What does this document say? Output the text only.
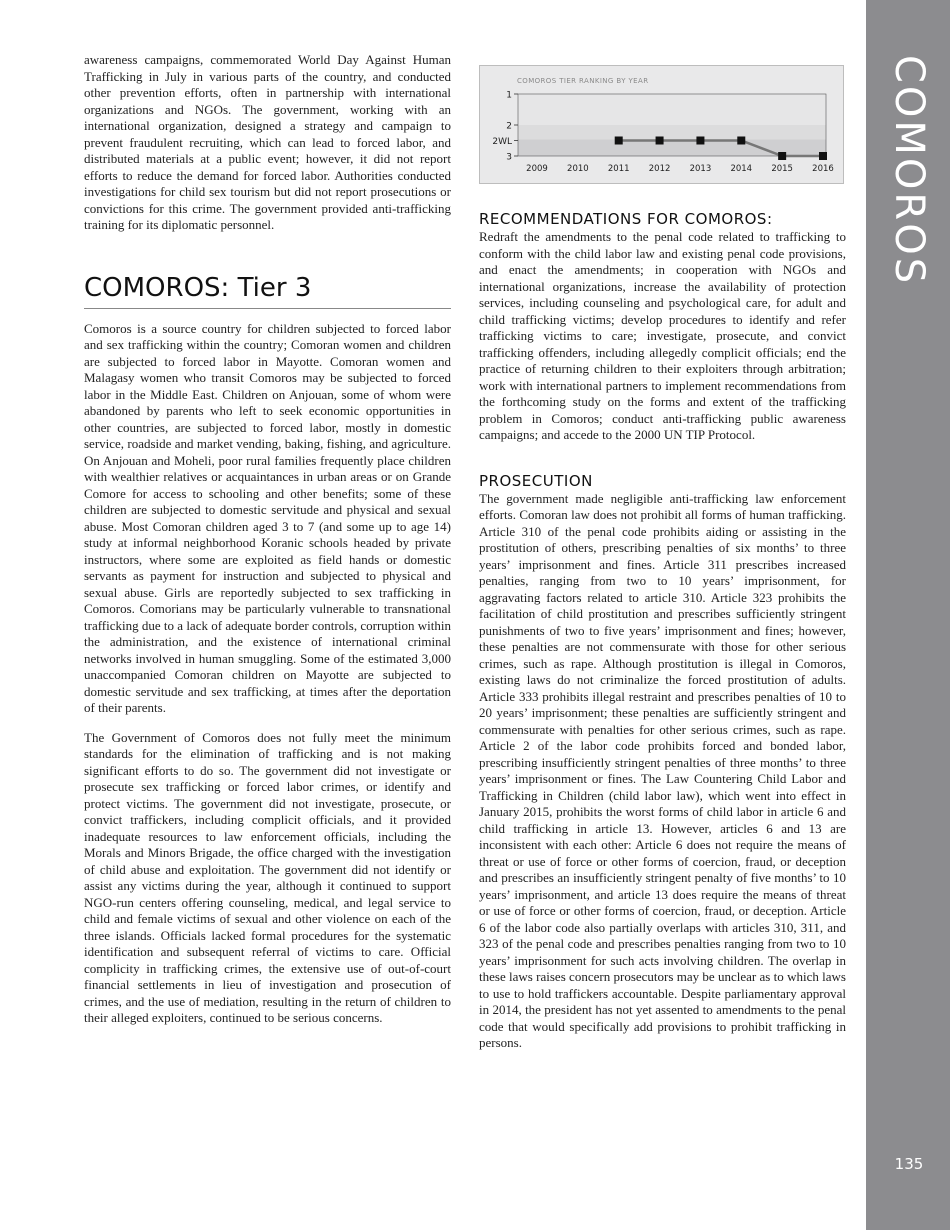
COMOROS
135

awareness campaigns, commemorated World Day Against Human Trafficking in July in various parts of the country, and conducted other prevention efforts, often in partnership with international organizations and NGOs. The government, working with an international organization, designed a strategy and campaign to prevent fraudulent recruiting, which can lead to forced labor, and distributed materials at a public event; however, it did not report efforts to reduce the demand for forced labor. Authorities conducted investigations for child sex tourism but did not report prosecutions or convictions for this crime. The government provided anti-trafficking training for its diplomatic personnel.

COMOROS: Tier 3

Comoros is a source country for children subjected to forced labor and sex trafficking within the country; Comoran women and children are subjected to forced labor in Mayotte. Comoran women and Malagasy women who transit Comoros may be subjected to forced labor in the Middle East. Children on Anjouan, some of whom were abandoned by parents who left to seek economic opportunities in other countries, are subjected to forced labor, mostly in domestic service, roadside and market vending, baking, fishing, and agriculture. On Anjouan and Moheli, poor rural families frequently place children with wealthier relatives or acquaintances in urban areas or on Grande Comore for access to schooling and other benefits; some of these children are subjected to domestic servitude and physical and sexual abuse. Most Comoran children aged 3 to 7 (and some up to age 14) study at informal neighborhood Koranic schools headed by private instructors, where some are exploited as field hands or domestic servants as payment for instruction and subjected to physical and sexual abuse. Girls are reportedly subjected to sex trafficking in Comoros. Comorians may be particularly vulnerable to transnational trafficking due to a lack of adequate border controls, corruption within the administration, and the existence of international criminal networks involved in human smuggling. Some of the estimated 3,000 unaccompanied Comoran children on Mayotte are subjected to domestic servitude and sex trafficking, at times after the deportation of their parents.

The Government of Comoros does not fully meet the minimum standards for the elimination of trafficking and is not making significant efforts to do so. The government did not investigate or prosecute sex trafficking or forced labor crimes, or identify and protect victims. The government did not investigate, prosecute, or convict traffickers, including complicit officials, and it provided inadequate resources to law enforcement officials, including the Morals and Minors Brigade, the office charged with the investigation of child abuse and exploitation. The government did not identify or assist any victims during the year, although it continued to support NGO-run centers offering counseling, medical, and legal service to child and female victims of sexual and other violence on each of the three islands. Officials lacked formal procedures for the systematic identification and subsequent referral of victims to care. Official complicity in trafficking crimes, the extensive use of out-of-court financial settlements in lieu of investigation and prosecution of crimes, and the use of mediation, resulting in the return of children to their alleged exploiters, continued to be serious concerns.

COMOROS TIER RANKING BY YEAR
1
2
2WL
3
2009 2010 2011 2012 2013 2014 2015 2016
RECOMMENDATIONS FOR COMOROS:

Redraft the amendments to the penal code related to trafficking to conform with the child labor law and existing penal code provisions, and enact the amendments; in cooperation with NGOs and international organizations, increase the availability of protection services, including counseling and psychological care, for adult and child trafficking victims; develop procedures to identify and refer trafficking victims to care; investigate, prosecute, and convict trafficking offenders, including allegedly complicit officials; end the practice of returning children to their exploiters through arbitration; work with international partners to implement recommendations from the forthcoming study on the forms and extent of the trafficking problem in Comoros; conduct anti-trafficking public awareness campaigns; and accede to the 2000 UN TIP Protocol.

PROSECUTION

The government made negligible anti-trafficking law enforcement efforts. Comoran law does not prohibit all forms of human trafficking. Article 310 of the penal code prohibits aiding or assisting in the prostitution of others, prescribing penalties of six months’ to three years’ imprisonment and fines. Article 311 prescribes increased penalties, ranging from two to 10 years’ imprisonment, for aggravating factors related to article 310. Article 323 prohibits the facilitation of child prostitution and prescribes sufficiently stringent punishments of two to five years’ imprisonment and fines; however, these penalties are not commensurate with those for other serious crimes, such as rape. Although prostitution is illegal in Comoros, existing laws do not criminalize the forced prostitution of adults. Article 333 prohibits illegal restraint and prescribes penalties of 10 to 20 years’ imprisonment; these penalties are sufficiently stringent and commensurate with penalties for other serious crimes, such as rape. Article 2 of the labor code prohibits forced and bonded labor, prescribing insufficiently stringent penalties of three months’ to three years’ imprisonment or fines. The Law Countering Child Labor and Trafficking in Children (child labor law), which went into effect in January 2015, prohibits the worst forms of child labor in article 6 and child trafficking in article 13. However, articles 6 and 13 are inconsistent with each other: Article 6 does not require the means of threat or use of force or other forms of coercion, fraud, or deception and prescribes an insufficiently stringent penalty of five months’ to 10 years’ imprisonment, and article 13 does require the means of threat or use of force or other forms of coercion, fraud, or deception. Article 6 of the labor code also partially overlaps with articles 310, 311, and 323 of the penal code and prescribes penalties ranging from two to 10 years’ imprisonment for such acts involving children. The overlap in these laws raises concern prosecutors may be unclear as to which laws to use to hold traffickers accountable. Despite parliamentary approval in 2014, the president has not yet assented to amendments to the penal code that would specifically add provisions to prohibit trafficking in persons.
